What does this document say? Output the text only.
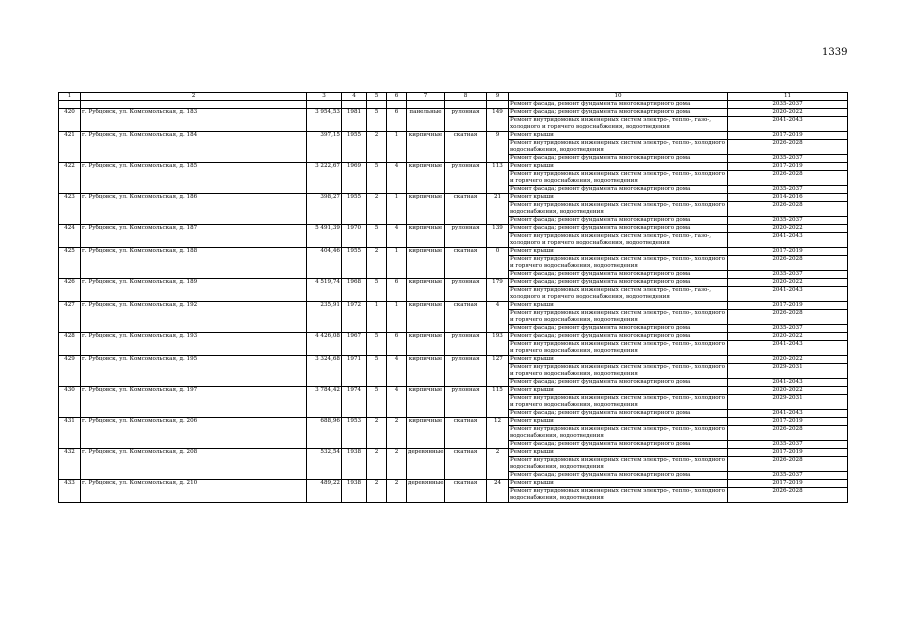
1339
1	2	3	4	5	6	7	8	9	10	11
									Ремонт фасада, ремонт фундамента многоквартирного дома	2035-2037
420	г. Рубцовск, ул. Комсомольская, д. 183	3 954,53	1981	5	6	панельные	рулонная	149	Ремонт фасада; ремонт фундамента многоквартирного дома	2020-2022
									Ремонт внутридомовых инженерных систем электро-, тепло-, газо-, холодного и горячего водоснабжения, водоотведения	2041-2043
421	г. Рубцовск, ул. Комсомольская, д. 184	397,15	1955	2	1	кирпичные	скатная	9	Ремонт крыши	2017-2019
									Ремонт внутридомовых инженерных систем электро-, тепло-, холодного водоснабжения, водоотведения	2026-2028
									Ремонт фасада; ремонт фундамента многоквартирного дома	2035-2037
422	г. Рубцовск, ул. Комсомольская, д. 185	3 222,67	1969	5	4	кирпичные	рулонная	113	Ремонт крыши	2017-2019
									Ремонт внутридомовых инженерных систем электро-, тепло-, холодного и горячего водоснабжения, водоотведения	2026-2028
									Ремонт фасада; ремонт фундамента многоквартирного дома	2035-2037
423	г. Рубцовск, ул. Комсомольская, д. 186	398,27	1955	2	1	кирпичные	скатная	21	Ремонт крыши	2014-2016
									Ремонт внутридомовых инженерных систем электро-, тепло-, холодного водоснабжения, водоотведения	2026-2028
									Ремонт фасада; ремонт фундамента многоквартирного дома	2035-2037
424	г. Рубцовск, ул. Комсомольская, д. 187	5 491,39	1970	5	4	кирпичные	рулонная	139	Ремонт фасада; ремонт фундамента многоквартирного дома	2020-2022
									Ремонт внутридомовых инженерных систем электро-, тепло-, газо-, холодного и горячего водоснабжения, водоотведения	2041-2043
425	г. Рубцовск, ул. Комсомольская, д. 188	404,46	1955	2	1	кирпичные	скатная	0	Ремонт крыши	2017-2019
									Ремонт внутридомовых инженерных систем электро-, тепло-, холодного и горячего водоснабжения, водоотведения	2026-2028
									Ремонт фасада; ремонт фундамента многоквартирного дома	2035-2037
426	г. Рубцовск, ул. Комсомольская, д. 189	4 519,74	1968	5	6	кирпичные	рулонная	179	Ремонт фасада; ремонт фундамента многоквартирного дома	2020-2022
									Ремонт внутридомовых инженерных систем электро-, тепло-, газо-, холодного и горячего водоснабжения, водоотведения	2041-2043
427	г. Рубцовск, ул. Комсомольская, д. 192	235,91	1972	1	1	кирпичные	скатная	4	Ремонт крыши	2017-2019
									Ремонт внутридомовых инженерных систем электро-, тепло-, холодного и горячего водоснабжения, водоотведения	2026-2028
									Ремонт фасада; ремонт фундамента многоквартирного дома	2035-2037
428	г. Рубцовск, ул. Комсомольская, д. 193	4 426,08	1967	5	6	кирпичные	рулонная	193	Ремонт фасада; ремонт фундамента многоквартирного дома	2020-2022
									Ремонт внутридомовых инженерных систем электро-, тепло-, холодного и горячего водоснабжения, водоотведения	2041-2043
429	г. Рубцовск, ул. Комсомольская, д. 195	3 324,68	1971	5	4	кирпичные	рулонная	127	Ремонт крыши	2020-2022
									Ремонт внутридомовых инженерных систем электро-, тепло-, холодного и горячего водоснабжения, водоотведения	2029-2031
									Ремонт фасада; ремонт фундамента многоквартирного дома	2041-2043
430	г. Рубцовск, ул. Комсомольская, д. 197	3 784,42	1974	5	4	кирпичные	рулонная	115	Ремонт крыши	2020-2022
									Ремонт внутридомовых инженерных систем электро-, тепло-, холодного и горячего водоснабжения, водоотведения	2029-2031
									Ремонт фасада; ремонт фундамента многоквартирного дома	2041-2043
431	г. Рубцовск, ул. Комсомольская, д. 206	688,96	1953	2	2	кирпичные	скатная	12	Ремонт крыши	2017-2019
									Ремонт внутридомовых инженерных систем электро-, тепло-, холодного водоснабжения, водоотведения	2026-2028
									Ремонт фасада; ремонт фундамента многоквартирного дома	2035-2037
432	г. Рубцовск, ул. Комсомольская, д. 208	532,54	1938	2	2	деревянные	скатная	2	Ремонт крыши	2017-2019
									Ремонт внутридомовых инженерных систем электро-, тепло-, холодного водоснабжения, водоотведения	2026-2028
									Ремонт фасада; ремонт фундамента многоквартирного дома	2035-2037
433	г. Рубцовск, ул. Комсомольская, д. 210	489,22	1938	2	2	деревянные	скатная	24	Ремонт крыши	2017-2019
									Ремонт внутридомовых инженерных систем электро-, тепло-, холодного водоснабжения, водоотведения	2026-2028
